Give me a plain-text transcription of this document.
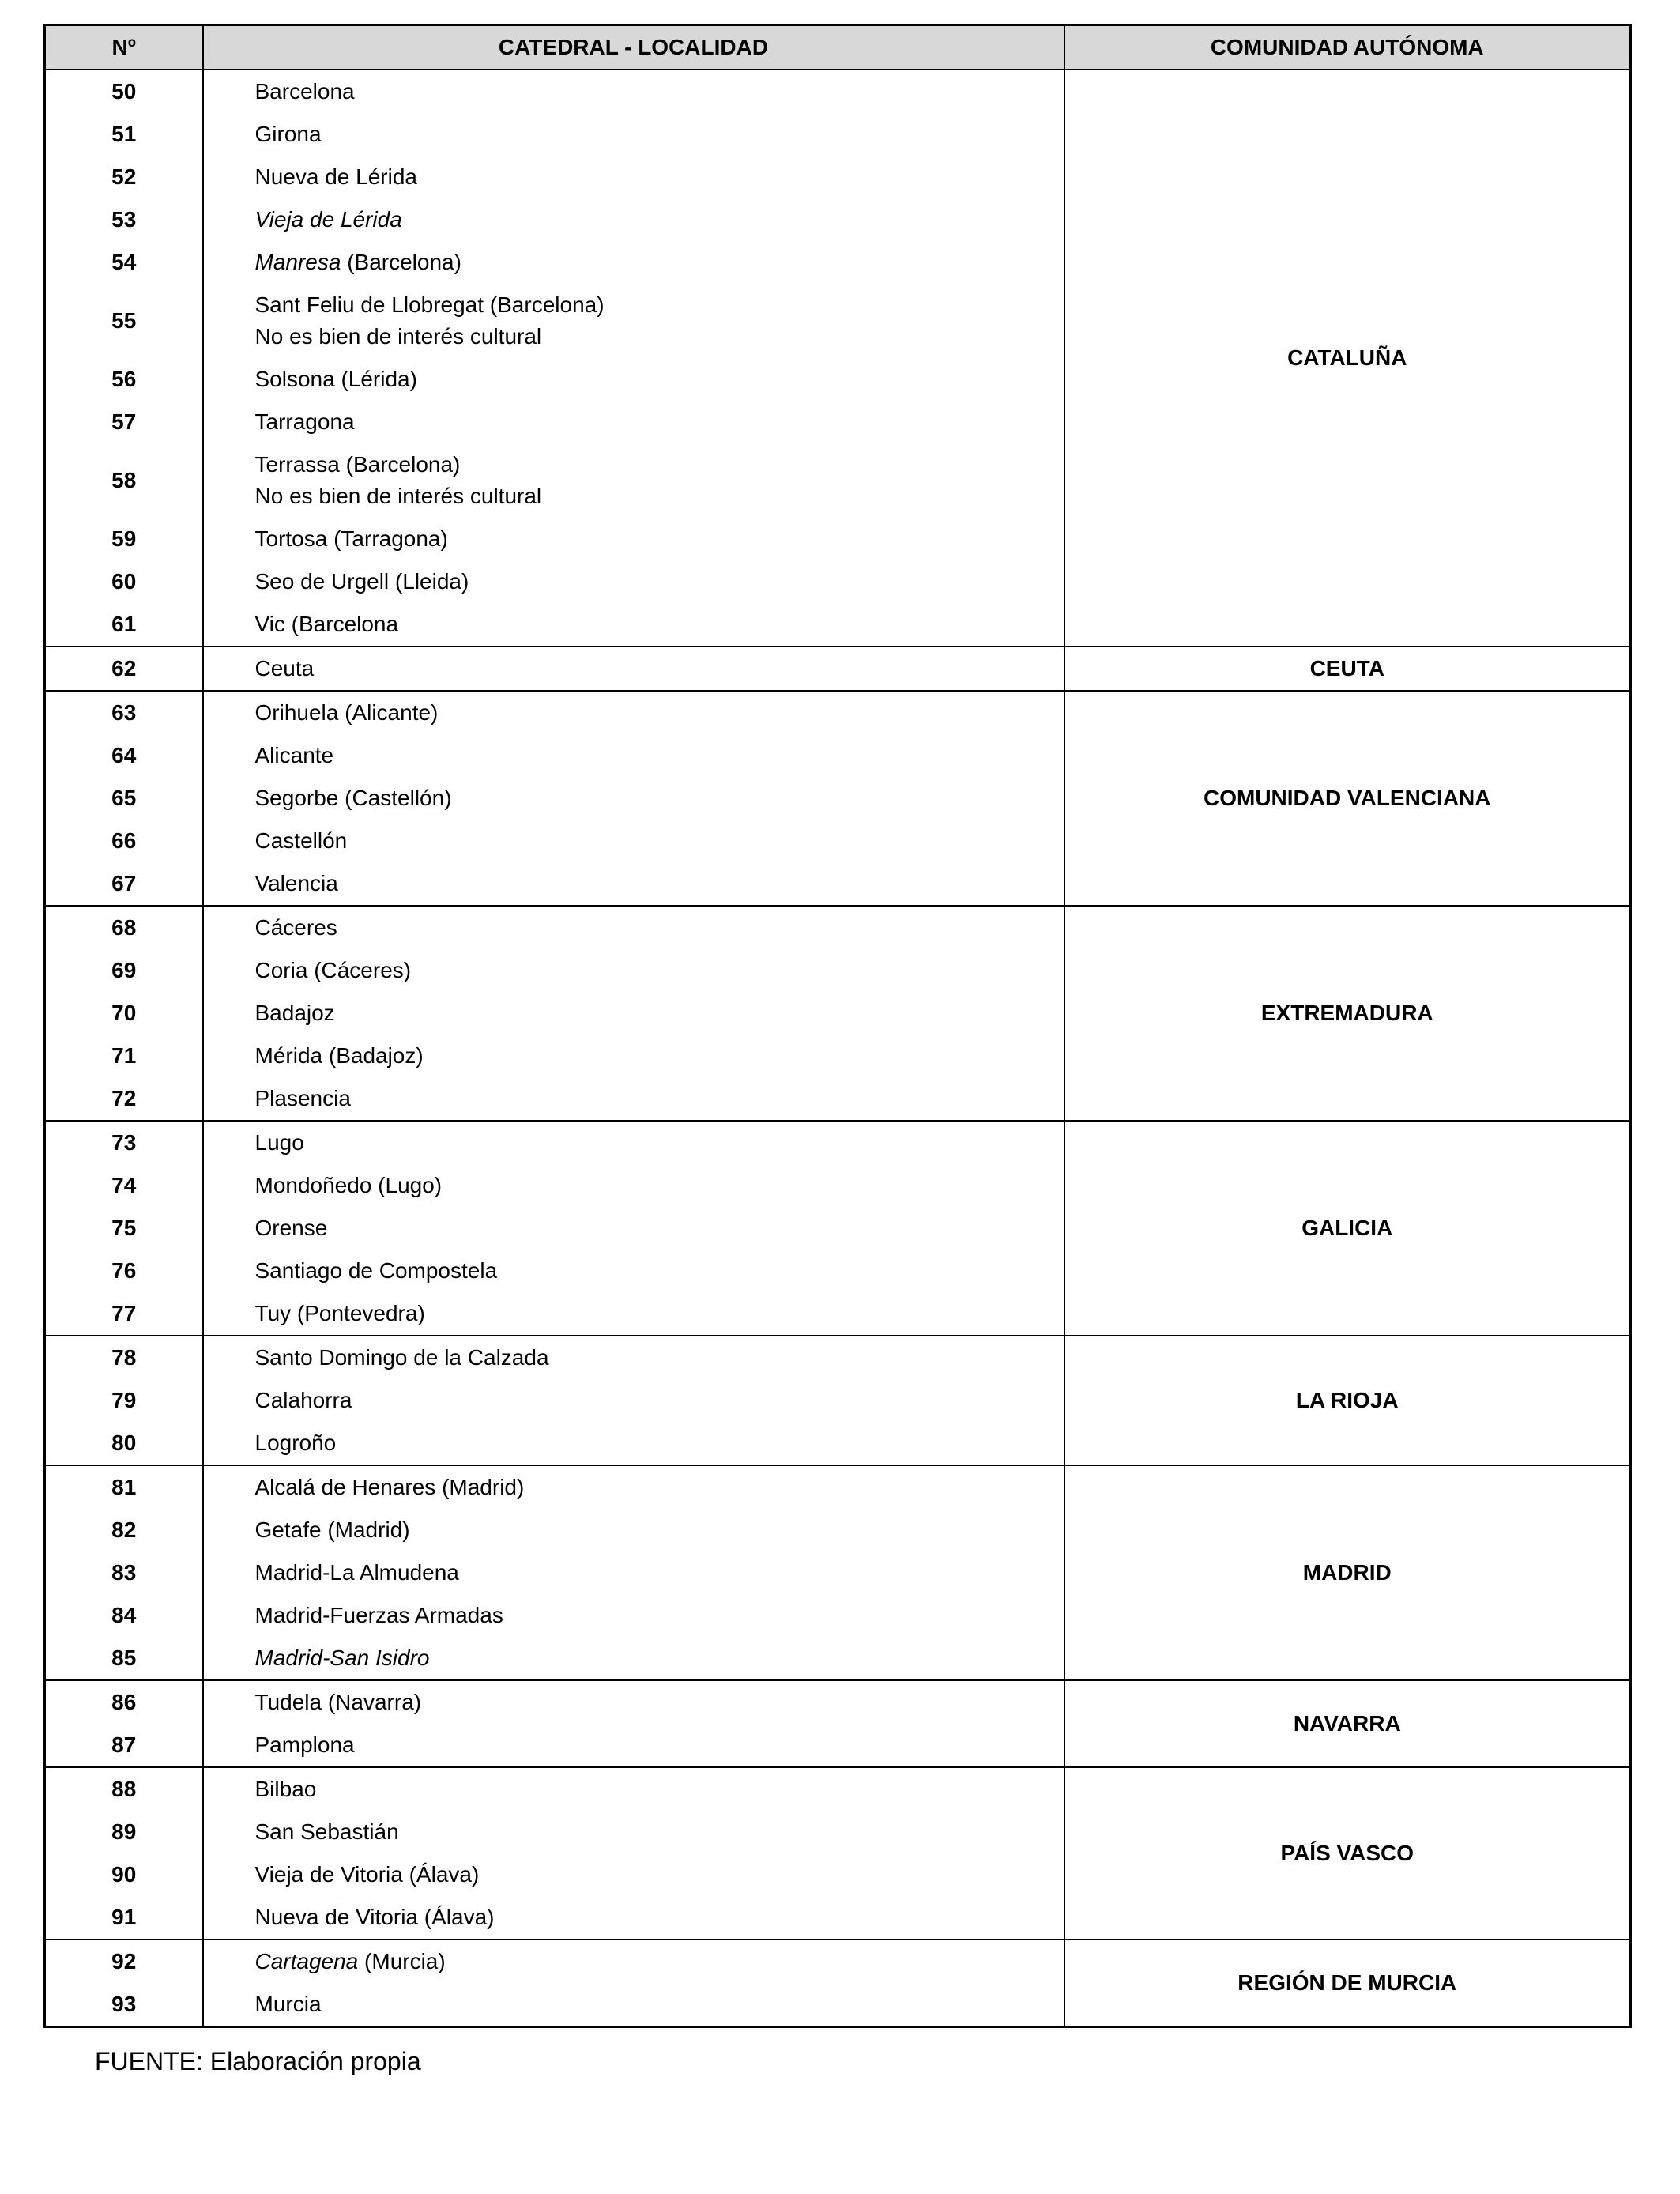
Nº	CATEDRAL - LOCALIDAD	COMUNIDAD AUTÓNOMA
50	Barcelona	CATALUÑA
51	Girona	

52	Nueva de Lérida	

53	Vieja de Lérida	

54	Manresa (Barcelona)	

55	Sant Feliu de Llobregat (Barcelona)
No es bien de interés cultural	

56	Solsona (Lérida)	

57	Tarragona	

58	Terrassa (Barcelona)
No es bien de interés cultural	

59	Tortosa (Tarragona)	

60	Seo de Urgell (Lleida)	

61	Vic (Barcelona	

62	Ceuta	CEUTA
63	Orihuela (Alicante)	COMUNIDAD VALENCIANA
64	Alicante	

65	Segorbe (Castellón)	

66	Castellón	

67	Valencia	

68	Cáceres	EXTREMADURA
69	Coria (Cáceres)	

70	Badajoz	

71	Mérida (Badajoz)	

72	Plasencia	

73	Lugo	GALICIA
74	Mondoñedo (Lugo)	

75	Orense	

76	Santiago de Compostela	

77	Tuy (Pontevedra)	

78	Santo Domingo de la Calzada	LA RIOJA
79	Calahorra	

80	Logroño	

81	Alcalá de Henares (Madrid)	MADRID
82	Getafe (Madrid)	

83	Madrid-La Almudena	

84	Madrid-Fuerzas Armadas	

85	Madrid-San Isidro	

86	Tudela (Navarra)	NAVARRA
87	Pamplona	

88	Bilbao	PAÍS VASCO
89	San Sebastián	

90	Vieja de Vitoria (Álava)	

91	Nueva de Vitoria (Álava)	

92	Cartagena (Murcia)	REGIÓN DE MURCIA
93	Murcia	
FUENTE: Elaboración propia
